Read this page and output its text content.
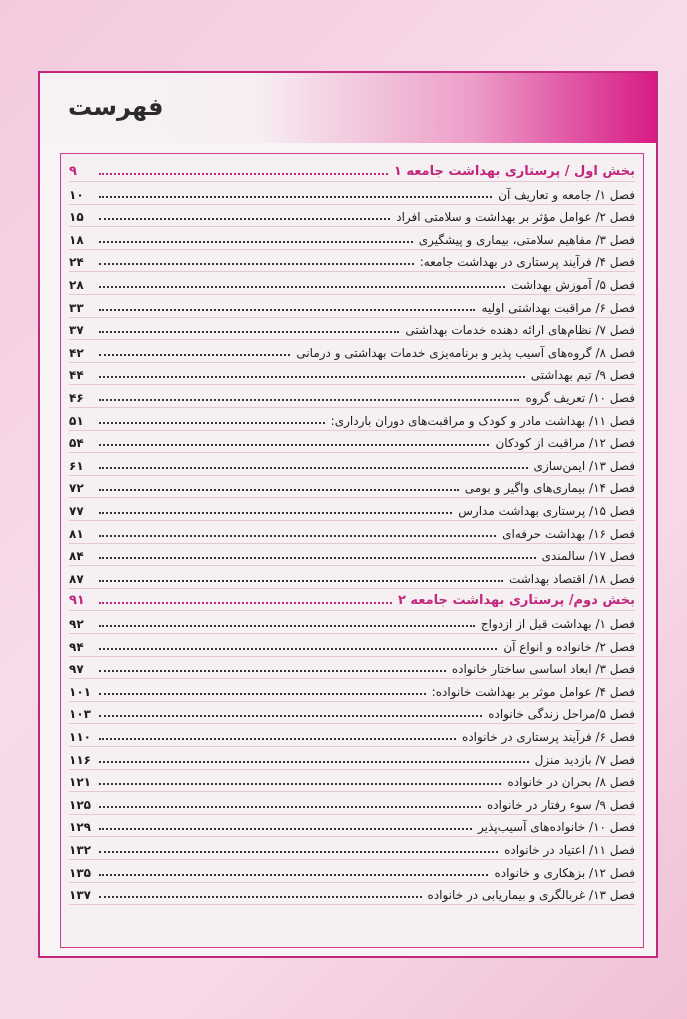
فهرست
بخش اول / پرستاری بهداشت جامعه ۱
۹
فصل ۱/ جامعه و تعاریف آن
۱۰
فصل ۲/ عوامل مؤثر بر بهداشت و سلامتی افراد
۱۵
فصل ۳/ مفاهیم سلامتی، بیماری و پیشگیری
۱۸
فصل ۴/ فرآیند پرستاری در بهداشت جامعه:
۲۴
فصل ۵/ آموزش بهداشت
۲۸
فصل ۶/ مراقبت بهداشتی اولیه
۳۳
فصل ۷/ نظام‌های ارائه دهنده خدمات بهداشتی
۳۷
فصل ۸/ گروه‌های آسیب پذیر و برنامه‌یزی خدمات بهداشتی و درمانی
۴۲
فصل ۹/ تیم بهداشتی
۴۴
فصل ۱۰/ تعریف گروه
۴۶
فصل ۱۱/ بهداشت مادر و کودک و مراقبت‌های دوران بارداری:
۵۱
فصل ۱۲/ مراقبت از کودکان
۵۴
فصل ۱۳/ ایمن‌سازی
۶۱
فصل ۱۴/ بیماری‌های واگیر و بومی
۷۲
فصل ۱۵/ پرستاری بهداشت مدارس
۷۷
فصل ۱۶/ بهداشت حرفه‌ای
۸۱
فصل ۱۷/ سالمندی
۸۴
فصل ۱۸/ اقتصاد بهداشت
۸۷
بخش دوم/ پرستاری بهداشت جامعه ۲
۹۱
فصل ۱/ بهداشت قبل از ازدواج
۹۲
فصل ۲/ خانواده و انواع آن
۹۴
فصل ۳/ ابعاد اساسی ساختار خانواده
۹۷
فصل ۴/ عوامل موثر بر بهداشت خانواده:
۱۰۱
فصل ۵/مراحل زندگی خانواده
۱۰۳
فصل ۶/ فرآیند پرستاری در خانواده
۱۱۰
فصل ۷/ بازدید منزل
۱۱۶
فصل ۸/ بحران در خانواده
۱۲۱
فصل ۹/ سوء رفتار در خانواده
۱۲۵
فصل ۱۰/ خانواده‌های آسیب‌پذیر
۱۲۹
فصل ۱۱/ اعتیاد در خانواده
۱۳۲
فصل ۱۲/ بزهکاری و خانواده
۱۳۵
فصل ۱۳/ غربالگری و بیماریابی در خانواده
۱۳۷
